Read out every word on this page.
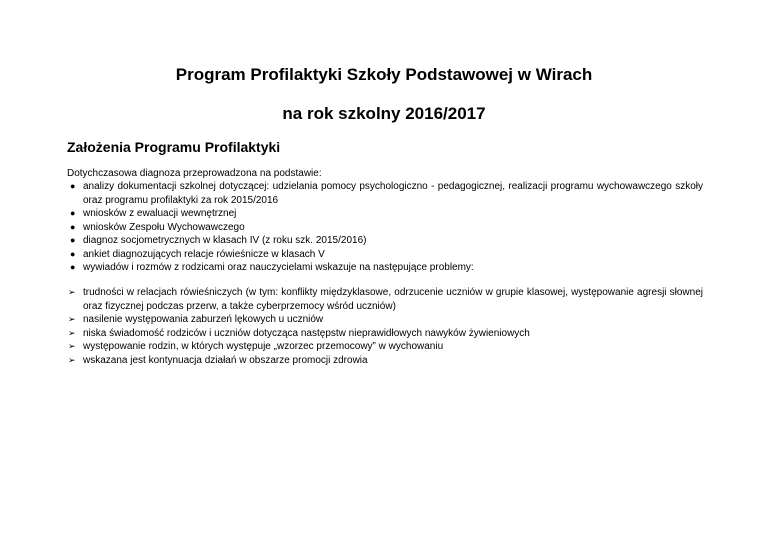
Program Profilaktyki Szkoły Podstawowej w Wirach
na rok szkolny 2016/2017
Założenia Programu Profilaktyki
Dotychczasowa diagnoza przeprowadzona na podstawie:
● analizy dokumentacji szkolnej dotyczącej: udzielania pomocy psychologiczno - pedagogicznej, realizacji programu wychowawczego szkoły oraz programu profilaktyki za rok 2015/2016
● wniosków z ewaluacji wewnętrznej
● wniosków Zespołu Wychowawczego
● diagnoz socjometrycznych w klasach IV (z roku szk. 2015/2016)
● ankiet diagnozujących relacje rówieśnicze w klasach V
● wywiadów i rozmów z rodzicami oraz nauczycielami wskazuje na następujące problemy:
➢ trudności w relacjach rówieśniczych (w tym: konflikty międzyklasowe, odrzucenie uczniów w grupie klasowej, występowanie agresji słownej oraz fizycznej podczas przerw, a także cyberprzemocy wśród uczniów)
➢ nasilenie występowania zaburzeń lękowych u uczniów
➢ niska świadomość rodziców i uczniów dotycząca następstw nieprawidłowych nawyków żywieniowych
➢ występowanie rodzin, w których występuje „wzorzec przemocowy” w wychowaniu
➢ wskazana jest kontynuacja działań w obszarze promocji zdrowia
